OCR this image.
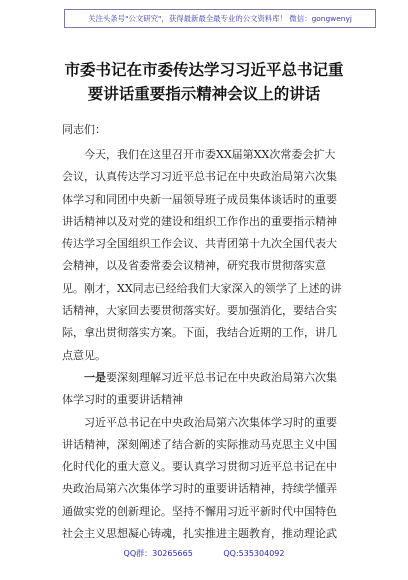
关注头条号"公文研究"，获得最新最全最专业的公文资料库！ 微信：gongwenyj
市委书记在市委传达学习习近平总书记重
要讲话重要指示精神会议上的讲话
同志们：
今天，我们在这里召开市委XX届第XX次常委会扩大
会议，认真传达学习习近平总书记在中央政治局第六次集
体学习和同团中央新一届领导班子成员集体谈话时的重要
讲话精神以及对党的建设和组织工作作出的重要指示精神
传达学习全国组织工作会议、共青团第十九次全国代表大
会精神，以及省委常委会议精神，研究我市贯彻落实意
见。刚才，XX同志已经给我们大家深入的领学了上述的讲
话精神，大家回去要贯彻落实好。要加强消化，要结合实
际，拿出贯彻落实方案。下面，我结合近期的工作，讲几
点意见。
一是要深刻理解习近平总书记在中央政治局第六次集
体学习时的重要讲话精神
习近平总书记在中央政治局第六次集体学习时的重要
讲话精神，深刻阐述了结合新的实际推动马克思主义中国
化时代化的重大意义。要认真学习贯彻习近平总书记在中
央政治局第六次集体学习时的重要讲话精神，持续学懂弄
通做实党的创新理论。坚持不懈用习近平新时代中国特色
社会主义思想凝心铸魂，扎实推进主题教育，推动理论武
QQ群：30265665	QQ:535304092
